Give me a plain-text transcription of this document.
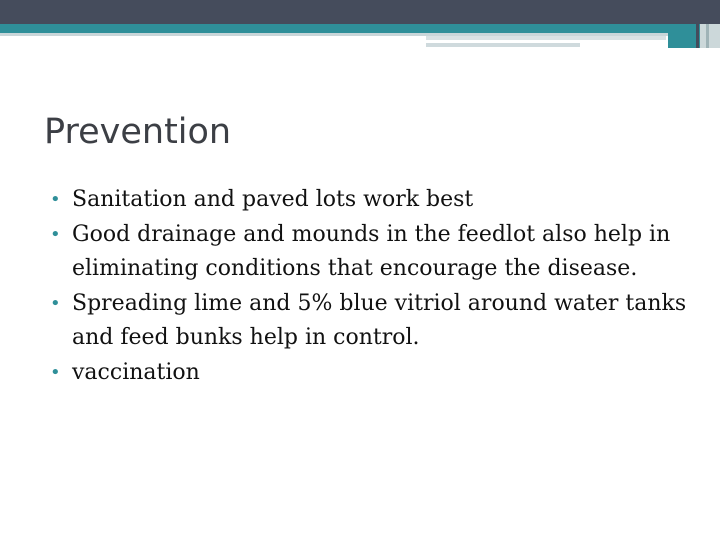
Prevention
• Sanitation and paved lots work best
• Good drainage and mounds in the feedlot also help in eliminating conditions that encourage the disease.
• Spreading lime and 5% blue vitriol around water tanks and feed bunks help in control.
• vaccination
